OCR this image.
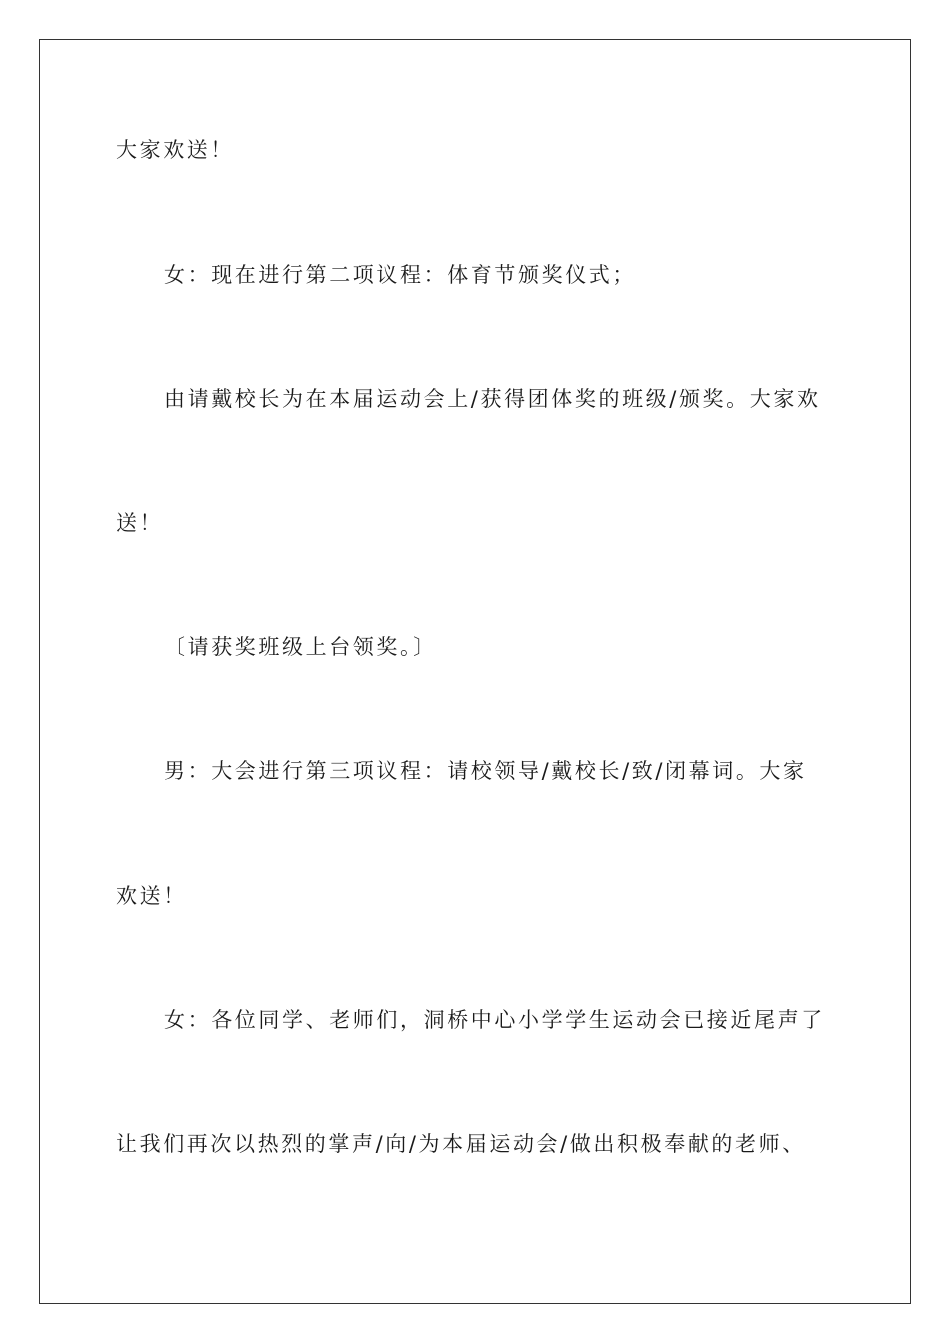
大家欢送！
女：现在进行第二项议程：体育节颁奖仪式；
由请戴校长为在本届运动会上/获得团体奖的班级/颁奖。大家欢
送！
〔请获奖班级上台领奖。〕
男：大会进行第三项议程：请校领导/戴校长/致/闭幕词。大家
欢送！
女：各位同学、老师们，洞桥中心小学学生运动会已接近尾声了
让我们再次以热烈的掌声/向/为本届运动会/做出积极奉献的老师、
